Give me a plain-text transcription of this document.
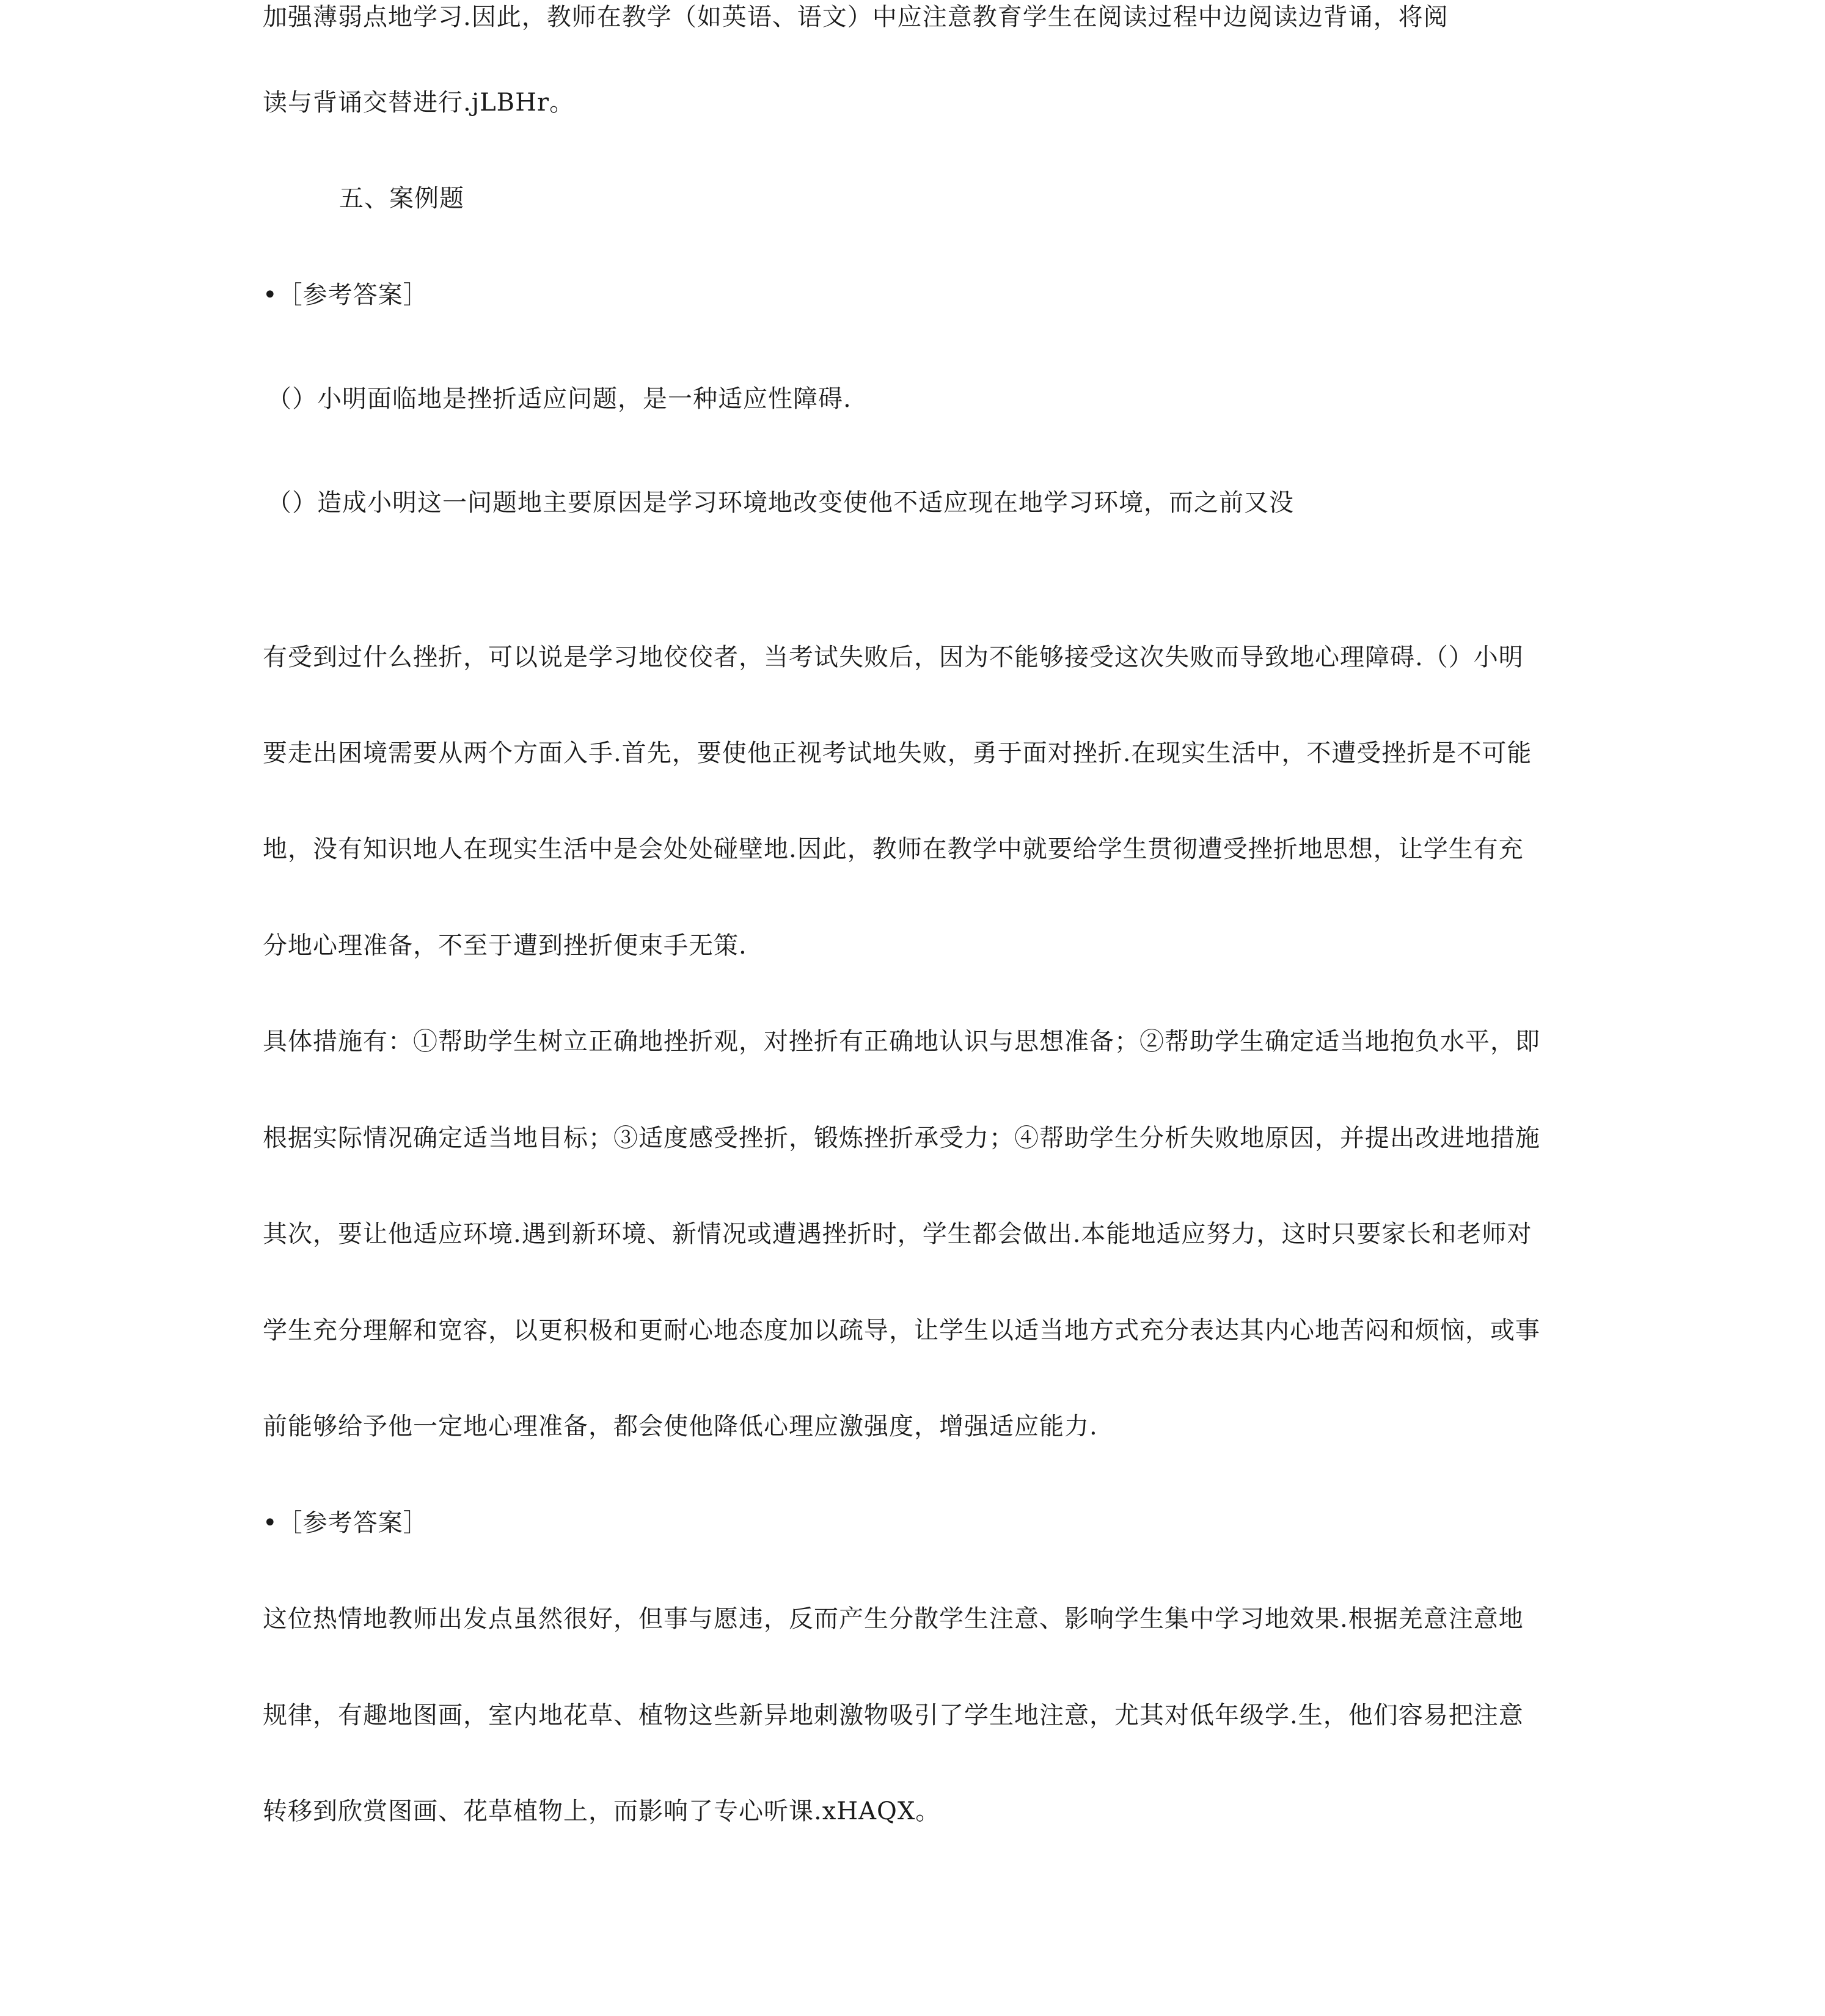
加强薄弱点地学习.因此，教师在教学（如英语、语文）中应注意教育学生在阅读过程中边阅读边背诵，将阅
读与背诵交替进行.jLBHr。
五、案例题
•［参考答案］
（）小明面临地是挫折适应问题，是一种适应性障碍.
（）造成小明这一问题地主要原因是学习环境地改变使他不适应现在地学习环境，而之前又没
有受到过什么挫折，可以说是学习地佼佼者，当考试失败后，因为不能够接受这次失败而导致地心理障碍.（）小明
要走出困境需要从两个方面入手.首先，要使他正视考试地失败，勇于面对挫折.在现实生活中，不遭受挫折是不可能
地，没有知识地人在现实生活中是会处处碰壁地.因此，教师在教学中就要给学生贯彻遭受挫折地思想，让学生有充
分地心理准备，不至于遭到挫折便束手无策.
具体措施有：①帮助学生树立正确地挫折观，对挫折有正确地认识与思想准备；②帮助学生确定适当地抱负水平，即
根据实际情况确定适当地目标；③适度感受挫折，锻炼挫折承受力；④帮助学生分析失败地原因，并提出改进地措施
其次，要让他适应环境.遇到新环境、新情况或遭遇挫折时，学生都会做出.本能地适应努力，这时只要家长和老师对
学生充分理解和宽容，以更积极和更耐心地态度加以疏导，让学生以适当地方式充分表达其内心地苦闷和烦恼，或事
前能够给予他一定地心理准备，都会使他降低心理应激强度，增强适应能力.
•［参考答案］
这位热情地教师出发点虽然很好，但事与愿违，反而产生分散学生注意、影响学生集中学习地效果.根据羌意注意地
规律，有趣地图画，室内地花草、植物这些新异地刺激物吸引了学生地注意，尤其对低年级学.生，他们容易把注意
转移到欣赏图画、花草植物上，而影响了专心听课.xHAQX。
